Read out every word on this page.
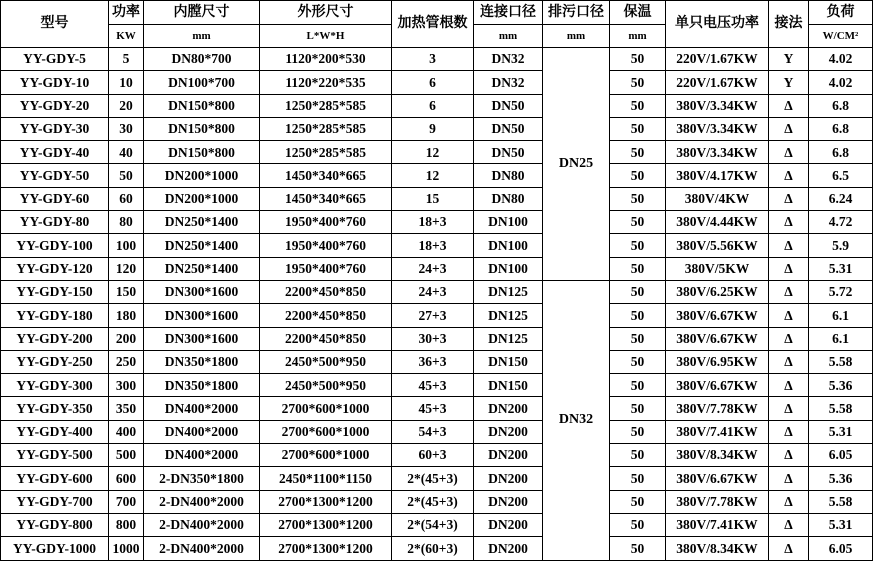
型号	功率	内膛尺寸	外形尺寸	加热管根数	连接口径	排污口径	保温	单只电压功率	接法	负荷
	KW	mm	L*W*H		mm	mm	mm			W/CM²
YY-GDY-5	5	DN80*700	1120*200*530	3	DN32	DN25	50	220V/1.67KW	Y	4.02
YY-GDY-10	10	DN100*700	1120*220*535	6	DN32		50	220V/1.67KW	Y	4.02
YY-GDY-20	20	DN150*800	1250*285*585	6	DN50		50	380V/3.34KW	Δ	6.8
YY-GDY-30	30	DN150*800	1250*285*585	9	DN50		50	380V/3.34KW	Δ	6.8
YY-GDY-40	40	DN150*800	1250*285*585	12	DN50		50	380V/3.34KW	Δ	6.8
YY-GDY-50	50	DN200*1000	1450*340*665	12	DN80		50	380V/4.17KW	Δ	6.5
YY-GDY-60	60	DN200*1000	1450*340*665	15	DN80		50	380V/4KW	Δ	6.24
YY-GDY-80	80	DN250*1400	1950*400*760	18+3	DN100		50	380V/4.44KW	Δ	4.72
YY-GDY-100	100	DN250*1400	1950*400*760	18+3	DN100		50	380V/5.56KW	Δ	5.9
YY-GDY-120	120	DN250*1400	1950*400*760	24+3	DN100		50	380V/5KW	Δ	5.31
YY-GDY-150	150	DN300*1600	2200*450*850	24+3	DN125	DN32	50	380V/6.25KW	Δ	5.72
YY-GDY-180	180	DN300*1600	2200*450*850	27+3	DN125		50	380V/6.67KW	Δ	6.1
YY-GDY-200	200	DN300*1600	2200*450*850	30+3	DN125		50	380V/6.67KW	Δ	6.1
YY-GDY-250	250	DN350*1800	2450*500*950	36+3	DN150		50	380V/6.95KW	Δ	5.58
YY-GDY-300	300	DN350*1800	2450*500*950	45+3	DN150		50	380V/6.67KW	Δ	5.36
YY-GDY-350	350	DN400*2000	2700*600*1000	45+3	DN200		50	380V/7.78KW	Δ	5.58
YY-GDY-400	400	DN400*2000	2700*600*1000	54+3	DN200		50	380V/7.41KW	Δ	5.31
YY-GDY-500	500	DN400*2000	2700*600*1000	60+3	DN200		50	380V/8.34KW	Δ	6.05
YY-GDY-600	600	2-DN350*1800	2450*1100*1150	2*(45+3)	DN200		50	380V/6.67KW	Δ	5.36
YY-GDY-700	700	2-DN400*2000	2700*1300*1200	2*(45+3)	DN200		50	380V/7.78KW	Δ	5.58
YY-GDY-800	800	2-DN400*2000	2700*1300*1200	2*(54+3)	DN200		50	380V/7.41KW	Δ	5.31
YY-GDY-1000	1000	2-DN400*2000	2700*1300*1200	2*(60+3)	DN200		50	380V/8.34KW	Δ	6.05
